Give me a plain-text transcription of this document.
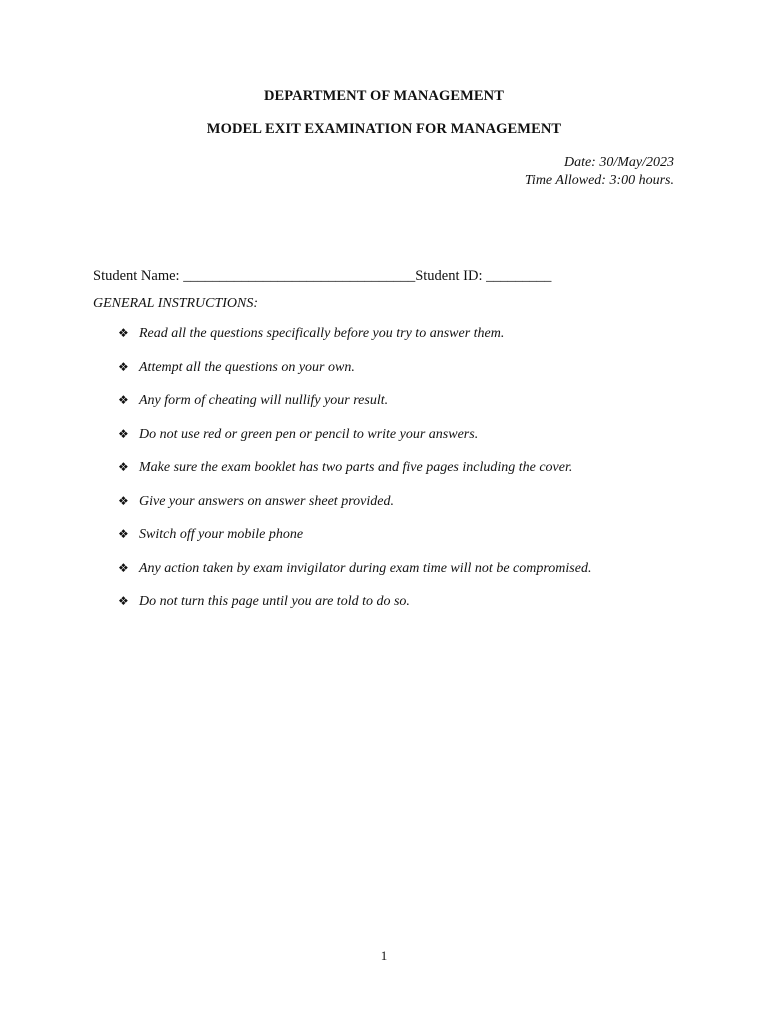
DEPARTMENT OF MANAGEMENT
MODEL EXIT EXAMINATION FOR MANAGEMENT
Date: 30/May/2023
Time Allowed: 3:00 hours.
Student Name: ________________________________Student ID: _________
GENERAL INSTRUCTIONS:
❖ Read all the questions specifically before you try to answer them.
❖ Attempt all the questions on your own.
❖ Any form of cheating will nullify your result.
❖ Do not use red or green pen or pencil to write your answers.
❖ Make sure the exam booklet has two parts and five pages including the cover.
❖ Give your answers on answer sheet provided.
❖ Switch off your mobile phone
❖ Any action taken by exam invigilator during exam time will not be compromised.
❖ Do not turn this page until you are told to do so.
1
